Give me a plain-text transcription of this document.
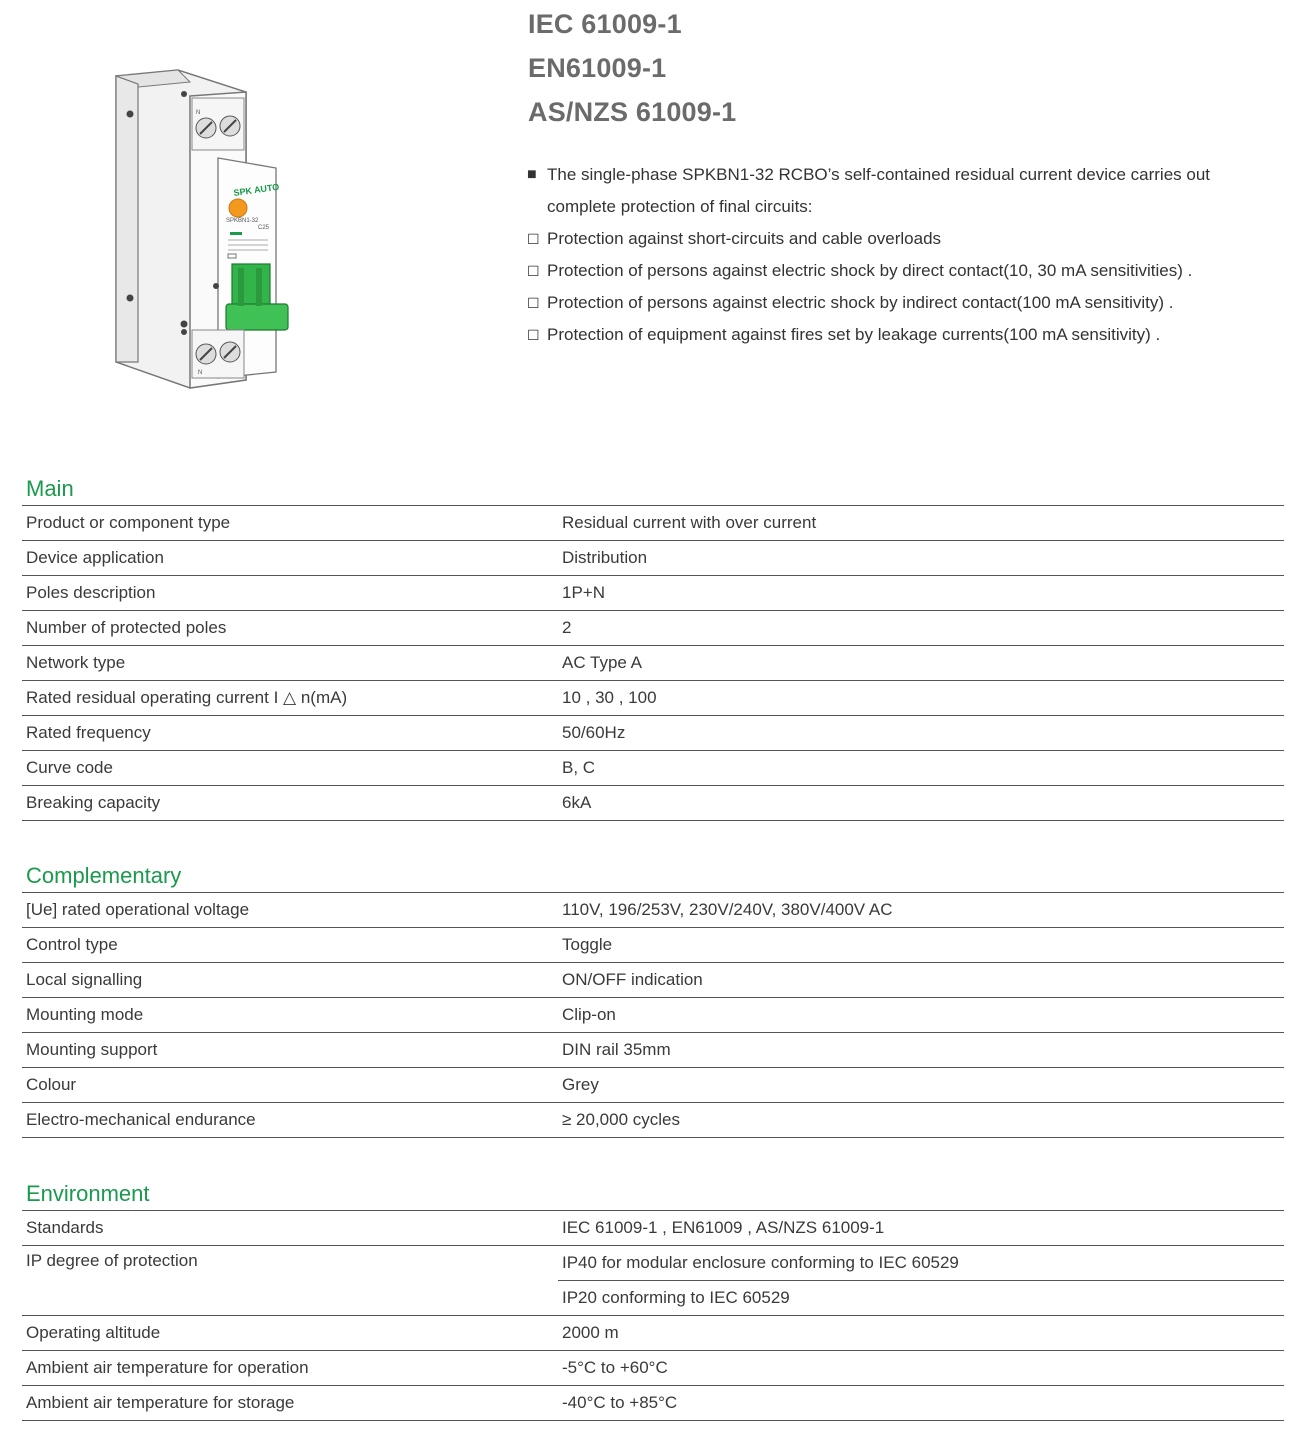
SPK AUTO
SPKBN1-32
C25
N
N
IEC 61009-1
EN61009-1
AS/NZS 61009-1
■ The single-phase SPKBN1-32 RCBO’s self-contained residual current device carries out
complete protection of final circuits:
☐ Protection against short-circuits and cable overloads
☐ Protection of persons against electric shock by direct contact(10, 30 mA sensitivities) .
☐ Protection of persons against electric shock by indirect contact(100 mA sensitivity) .
☐ Protection of equipment against fires set by leakage currents(100 mA sensitivity) .
Main
Product or component type	Residual current with over current
Device application	Distribution
Poles description	1P+N
Number of protected poles	2
Network type	AC Type A
Rated residual operating current I △ n(mA)	10 , 30 , 100
Rated frequency	50/60Hz
Curve code	B, C
Breaking capacity	6kA
Complementary
[Ue] rated operational voltage	110V, 196/253V, 230V/240V, 380V/400V AC
Control type	Toggle
Local signalling	ON/OFF indication
Mounting mode	Clip-on
Mounting support	DIN rail 35mm
Colour	Grey
Electro-mechanical endurance	≥ 20,000 cycles
Environment
Standards	IEC 61009-1 , EN61009 , AS/NZS 61009-1
IP degree of protection	IP40 for modular enclosure conforming to IEC 60529
IP20 conforming to IEC 60529
Operating altitude	2000 m
Ambient air temperature for operation	-5°C to +60°C
Ambient air temperature for storage	-40°C to +85°C
